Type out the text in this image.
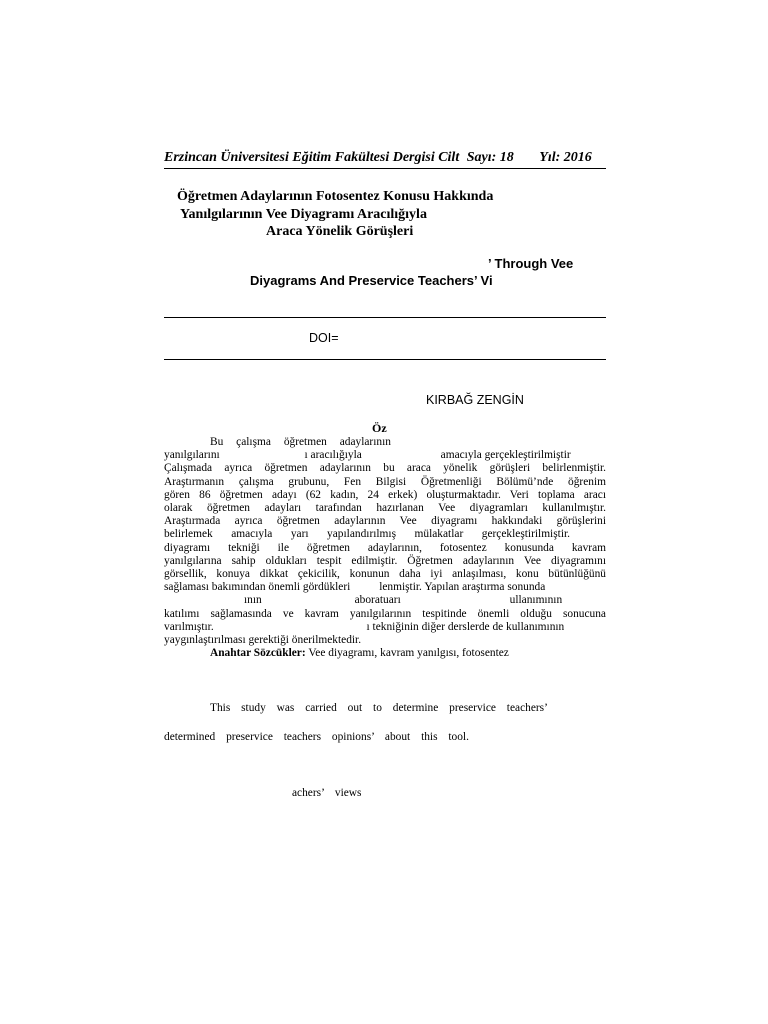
Erzincan Üniversitesi Eğitim Fakültesi Dergisi Cilt Sayı: 18 Yıl: 2016
Öğretmen Adaylarının Fotosentez Konusu Hakkında
Yanılgılarının Vee Diyagramı Aracılığıyla
Araca Yönelik Görüşleri
’ Through Vee
Diyagrams And Preservice Teachers’ Vi
DOI=
KIRBAĞ ZENGİN
Öz
Bu çalışma öğretmen adaylarının
yanılgılarını	ı aracılığıyla	amacıyla gerçekleştirilmiştir
Çalışmada ayrıca öğretmen adaylarının bu araca yönelik görüşleri belirlenmiştir.
Araştırmanın çalışma grubunu, Fen Bilgisi Öğretmenliği Bölümü’nde öğrenim
gören 86 öğretmen adayı (62 kadın, 24 erkek) oluşturmaktadır. Veri toplama aracı
olarak öğretmen adayları tarafından hazırlanan Vee diyagramları kullanılmıştır.
Araştırmada ayrıca öğretmen adaylarının Vee diyagramı hakkındaki görüşlerini
belirlemek amacıyla yarı yapılandırılmış mülakatlar gerçekleştirilmiştir.
diyagramı tekniği ile öğretmen adaylarının, fotosentez konusunda kavram
yanılgılarına sahip oldukları tespit edilmiştir. Öğretmen adaylarının Vee diyagramını
görsellik, konuya dikkat çekicilik, konunun daha iyi anlaşılması, konu bütünlüğünü
sağlaması bakımından önemli gördükleri	lenmiştir. Yapılan araştırma sonunda
ının	aboratuarı	ullanımının
katılımı sağlamasında ve kavram yanılgılarının tespitinde önemli olduğu sonucuna
varılmıştır.	ı tekniğinin diğer derslerde de kullanımının
yaygınlaştırılması gerektiği önerilmektedir.
Anahtar Sözcükler: Vee diyagramı, kavram yanılgısı, fotosentez
This study was carried out to determine preservice teachers’
determined preservice teachers opinions’ about this tool.
achers’ views
